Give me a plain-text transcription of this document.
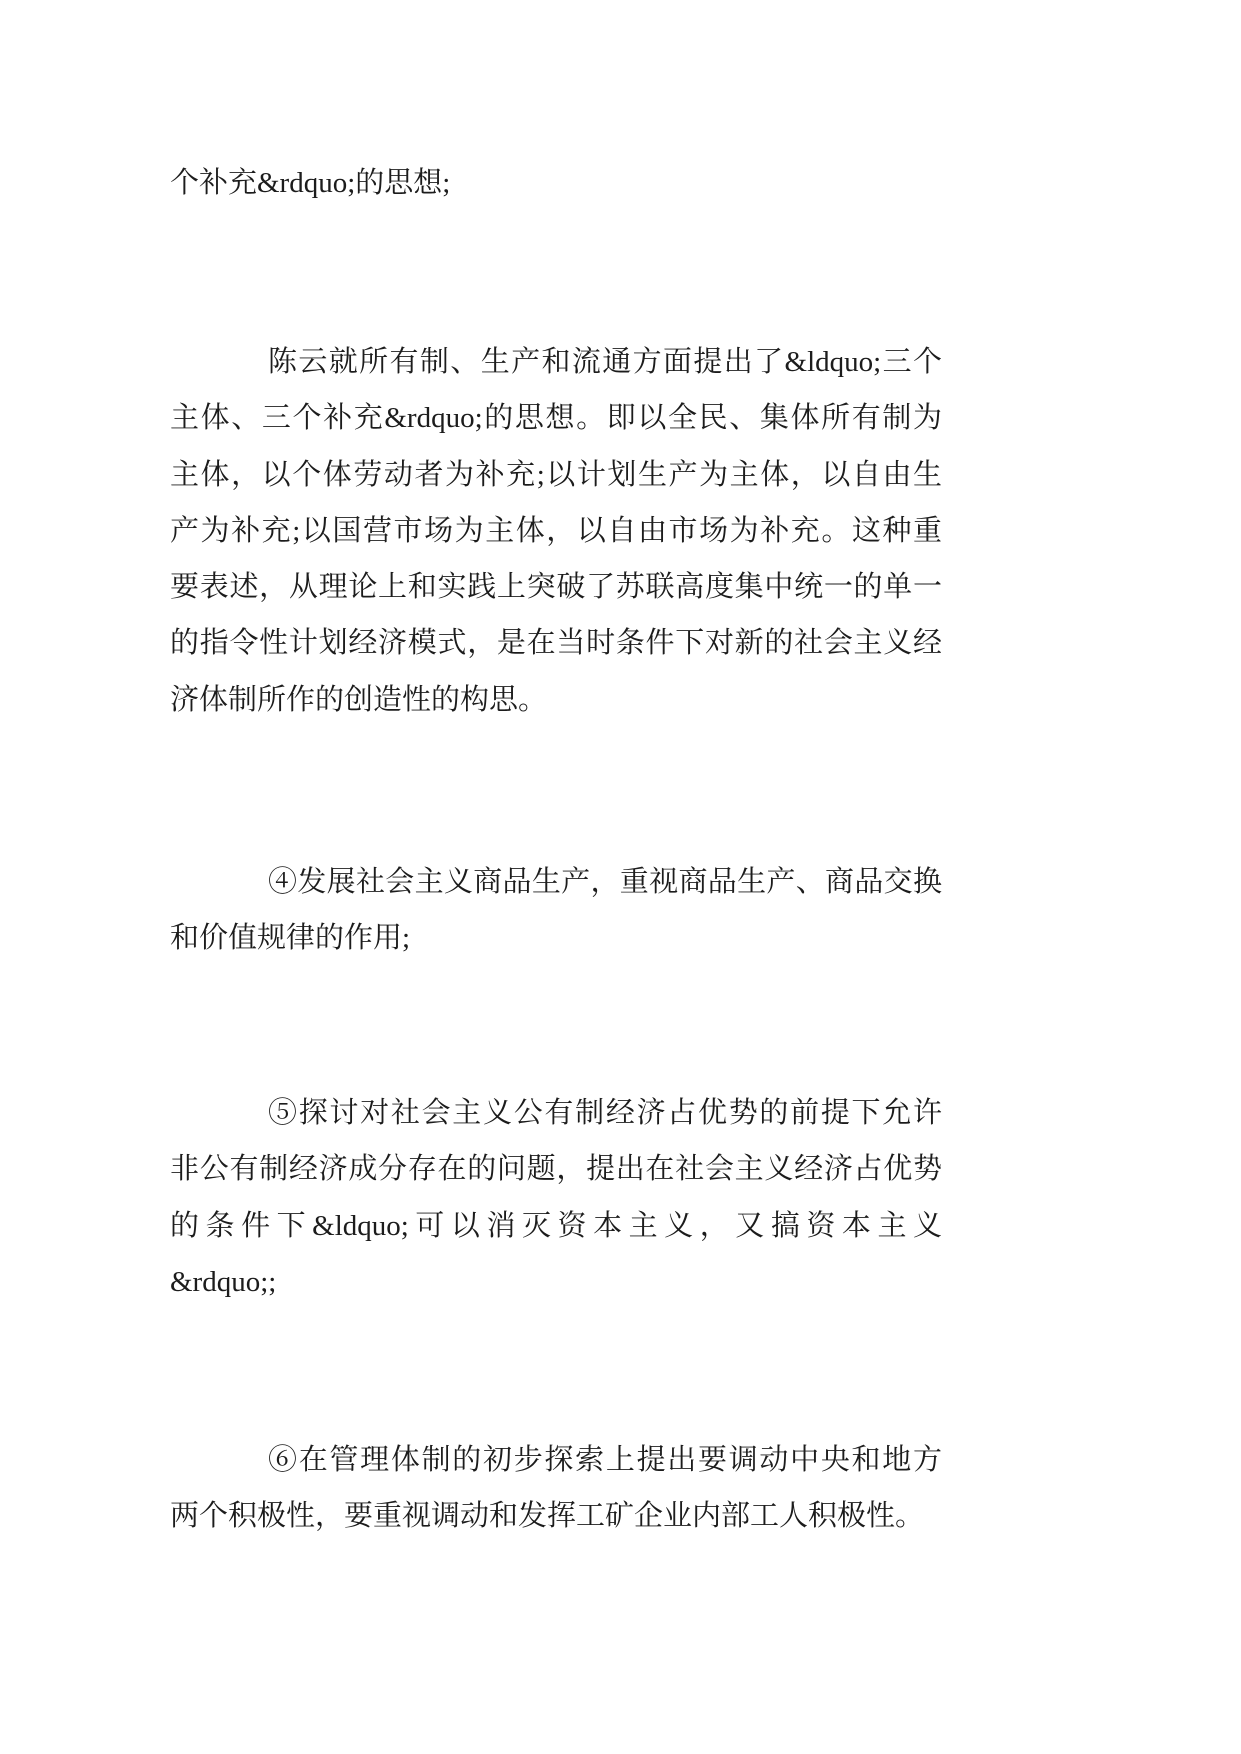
个补充&rdquo;的思想;
陈云就所有制、生产和流通方面提出了&ldquo;三个
主体、三个补充&rdquo;的思想。即以全民、集体所有制为
主体，以个体劳动者为补充;以计划生产为主体，以自由生
产为补充;以国营市场为主体，以自由市场为补充。这种重
要表述，从理论上和实践上突破了苏联高度集中统一的单一
的指令性计划经济模式，是在当时条件下对新的社会主义经
济体制所作的创造性的构思。
④发展社会主义商品生产，重视商品生产、商品交换
和价值规律的作用;
⑤探讨对社会主义公有制经济占优势的前提下允许
非公有制经济成分存在的问题，提出在社会主义经济占优势
的条件下&ldquo;可以消灭资本主义，又搞资本主义
&rdquo;;
⑥在管理体制的初步探索上提出要调动中央和地方
两个积极性，要重视调动和发挥工矿企业内部工人积极性。
